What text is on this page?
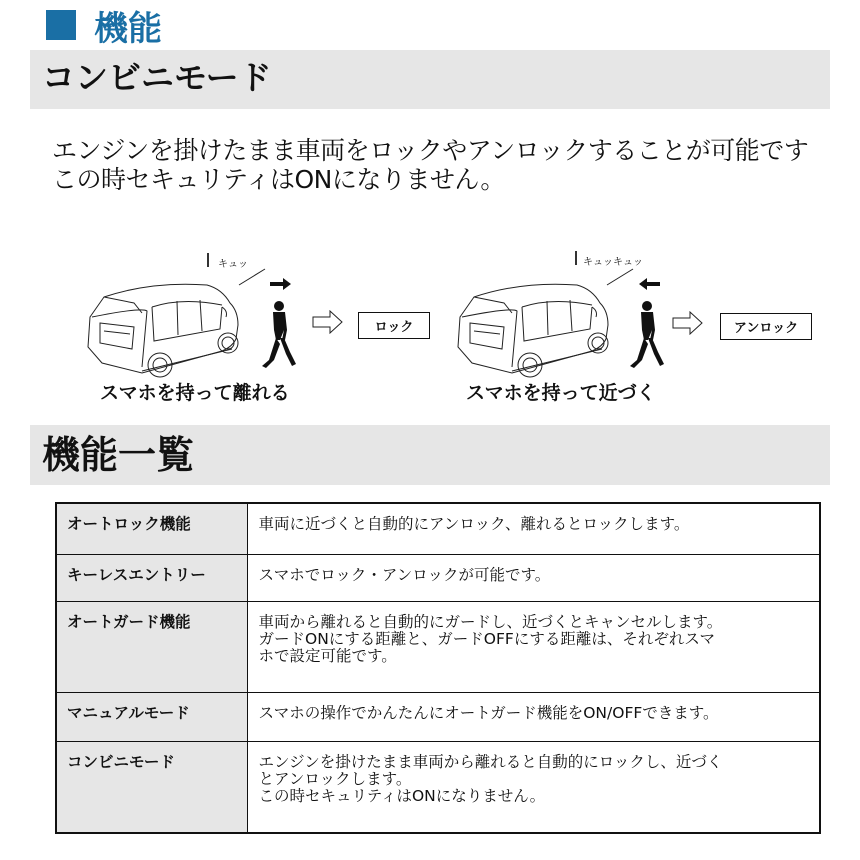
機能
コンビニモード
エンジンを掛けたまま車両をロックやアンロックすることが可能です
この時セキュリティはONになりません。
キュッ
ロック
スマホを持って離れる
キュッキュッ
アンロック
スマホを持って近づく
機能一覧
オートロック機能	車両に近づくと自動的にアンロック、離れるとロックします。

キーレスエントリー	スマホでロック・アンロックが可能です。

オートガード機能	車両から離れると自動的にガードし、近づくとキャンセルします。
ガードONにする距離と、ガードOFFにする距離は、それぞれスマ
ホで設定可能です。

マニュアルモード	スマホの操作でかんたんにオートガード機能をON/OFFできます。

コンビニモード	エンジンを掛けたまま車両から離れると自動的にロックし、近づく
とアンロックします。
この時セキュリティはONになりません。
